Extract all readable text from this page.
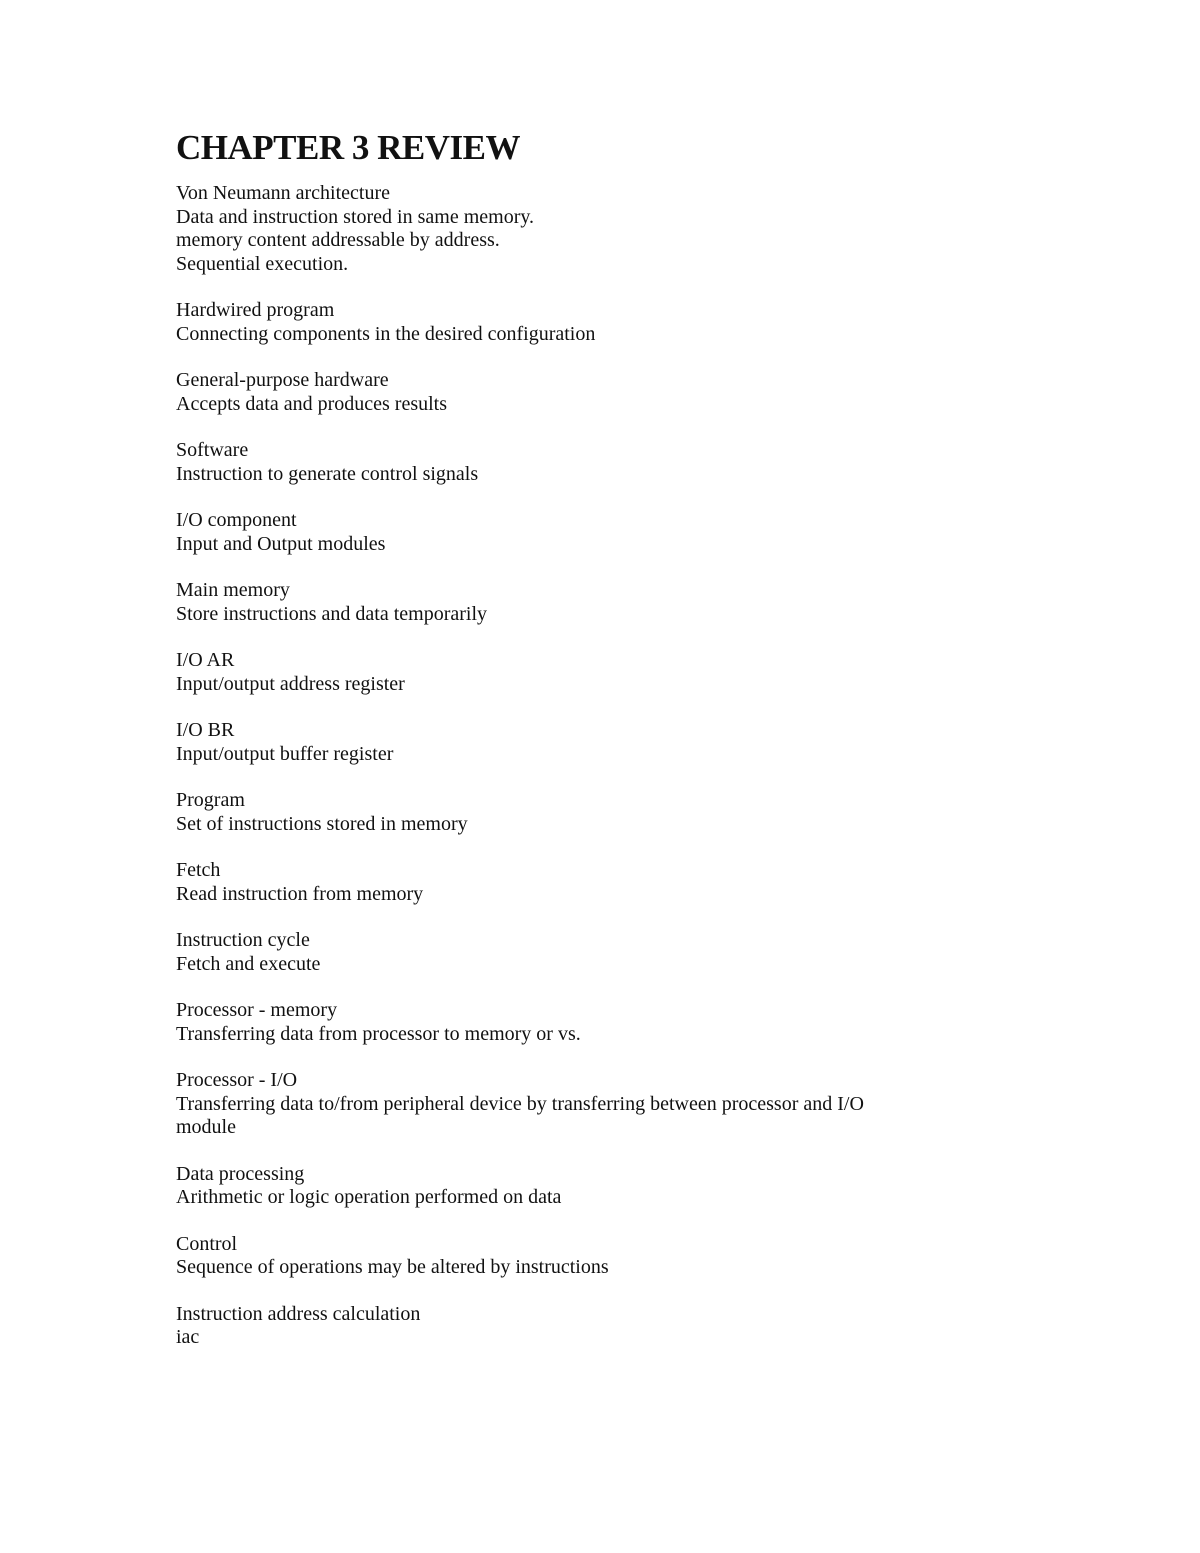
CHAPTER 3 REVIEW
Von Neumann architecture
Data and instruction stored in same memory.
memory content addressable by address.
Sequential execution.
Hardwired program
Connecting components in the desired configuration
General-purpose hardware
Accepts data and produces results
Software
Instruction to generate control signals
I/O component
Input and Output modules
Main memory
Store instructions and data temporarily
I/O AR
Input/output address register
I/O BR
Input/output buffer register
Program
Set of instructions stored in memory
Fetch
Read instruction from memory
Instruction cycle
Fetch and execute
Processor - memory
Transferring data from processor to memory or vs.
Processor - I/O
Transferring data to/from peripheral device by transferring between processor and I/O
module
Data processing
Arithmetic or logic operation performed on data
Control
Sequence of operations may be altered by instructions
Instruction address calculation
iac
